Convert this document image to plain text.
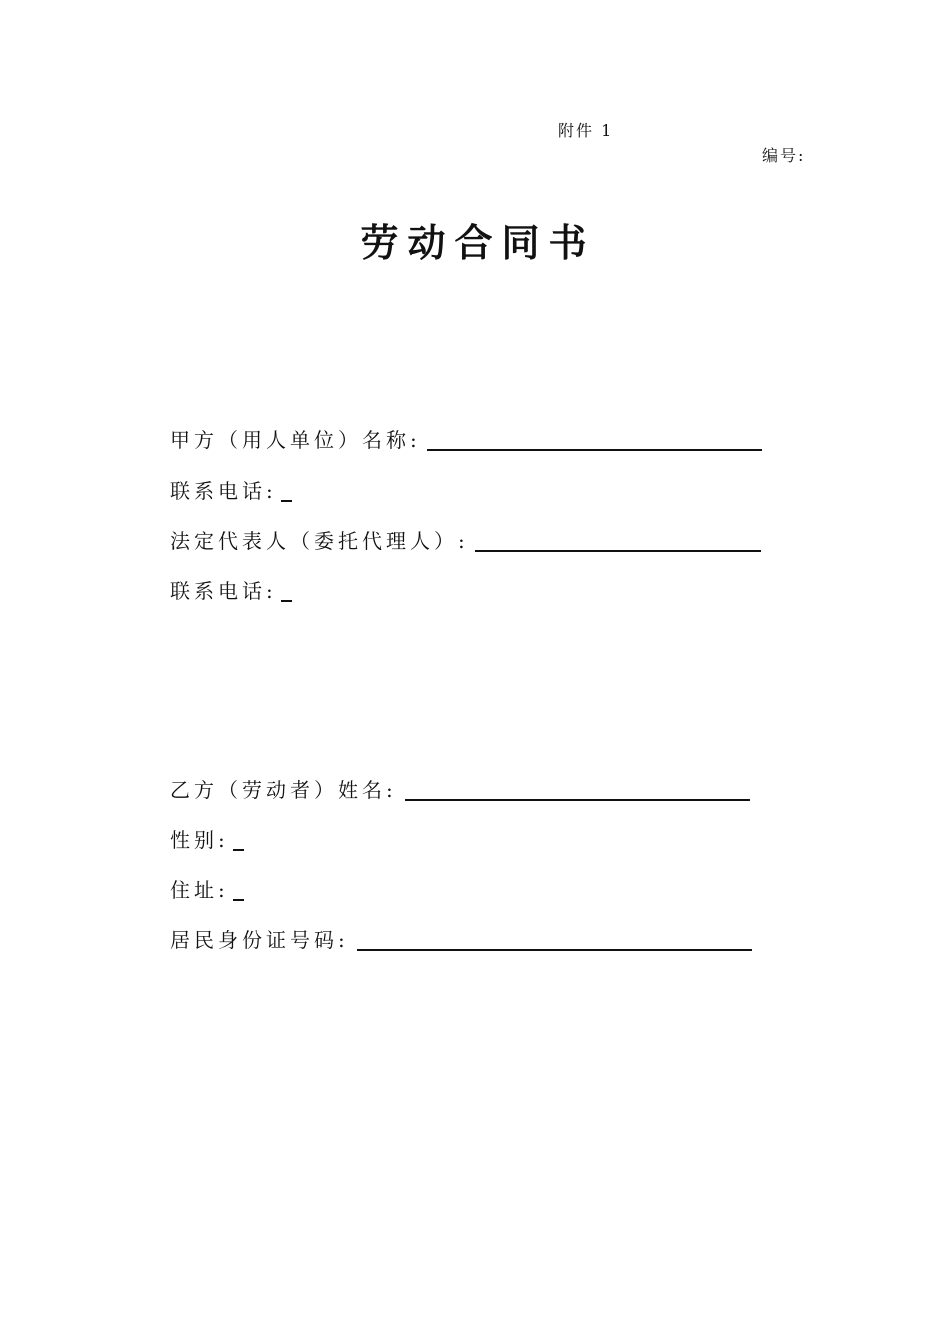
附件 1
编号:
劳动合同书
甲方（用人单位）名称:
联系电话:
法定代表人（委托代理人）:
联系电话:
乙方（劳动者）姓名:
性别:
住址:
居民身份证号码:
